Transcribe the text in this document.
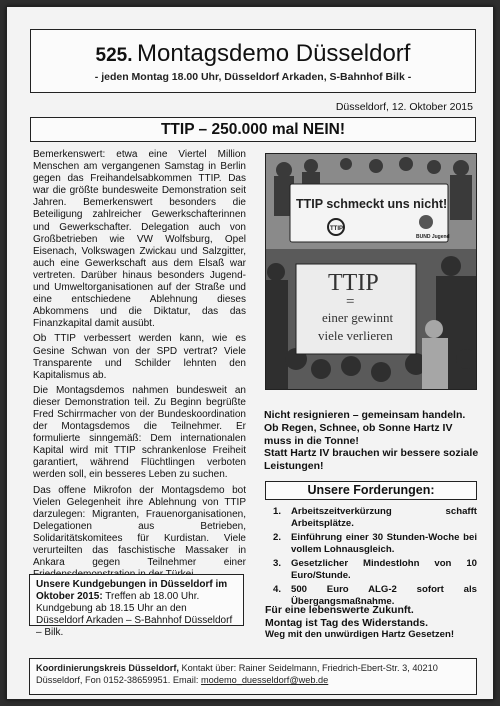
525. Montagsdemo Düsseldorf
- jeden Montag 18.00 Uhr, Düsseldorf Arkaden, S-Bahnhof Bilk -
Düsseldorf, 12. Oktober 2015
TTIP – 250.000 mal NEIN!

Bemerkenswert: etwa eine Viertel Million Menschen am vergangenen Samstag in Berlin gegen das Freihandelsabkommen TTIP. Das war die größte bundesweite Demonstration seit Jahren. Bemerkenswert besonders die Beteiligung zahlreicher Gewerkschafterinnen und Gewerkschafter. Delegation auch von Großbetrieben wie VW Wolfsburg, Opel Eisenach, Volkswagen Zwickau und Salzgitter, auch eine Gewerkschaft aus dem Elsaß war vertreten. Darüber hinaus besonders Jugend- und Umweltorganisationen auf der Straße und eine entschiedene Ablehnung dieses Abkommens und die Diktatur, das das Finanzkapital damit ausübt.

Ob TTIP verbessert werden kann, wie es Gesine Schwan von der SPD vertrat? Viele Transparente und Schilder lehnten den Kapitalismus ab.

Die Montagsdemos nahmen bundesweit an dieser Demonstration teil. Zu Beginn begrüßte Fred Schirrmacher von der Bundeskoordination der Montagsdemos die Teilnehmer. Er formulierte sinngemäß: Dem internationalen Kapital wird mit TTIP schrankenlose Freiheit garantiert, während Flüchtlingen verboten werden soll, ein besseres Leben zu suchen.

Das offene Mikrofon der Montagsdemo bot Vielen Gelegenheit ihre Ablehnung von TTIP darzulegen: Migranten, Frauenorganisationen, Delegationen aus Betrieben, Solidaritätskomitees für Kurdistan. Viele verurteilten das faschistische Massaker in Ankara gegen Teilnehmer einer

Unsere Kundgebungen in Düsseldorf im Oktober 2015: Treffen ab 18.00 Uhr. Kundgebung ab 18.15 Uhr an den Düsseldorf Arkaden – S-Bahnhof Düsseldorf – Bilk.
TTIP schmeckt uns nicht!
TTIP
BUND Jugend
TTIP
=
einer gewinnt
viele verlieren

Nicht resignieren – gemeinsam handeln.

Ob Regen, Schnee, ob Sonne Hartz IV muss in die Tonne!

Statt Hartz IV brauchen wir bessere soziale Leistungen!

Unsere Forderungen:
1. Arbeitszeitverkürzung schafft Arbeitsplätze.
2. Einführung einer 30 Stunden-Woche bei vollem Lohnausgleich.
3. Gesetzlicher Mindestlohn von 10 Euro/Stunde.
4. 500 Euro ALG-2 sofort als Übergangsmaßnahme.

Für eine lebenswerte Zukunft.

Montag ist Tag des Widerstands.

Weg mit den unwürdigen Hartz Gesetzen!

Koordinierungskreis Düsseldorf, Kontakt über: Rainer Seidelmann, Friedrich-Ebert-Str. 3, 40210 Düsseldorf, Fon 0152-38659951. Email: modemo_duesseldorf@web.de
